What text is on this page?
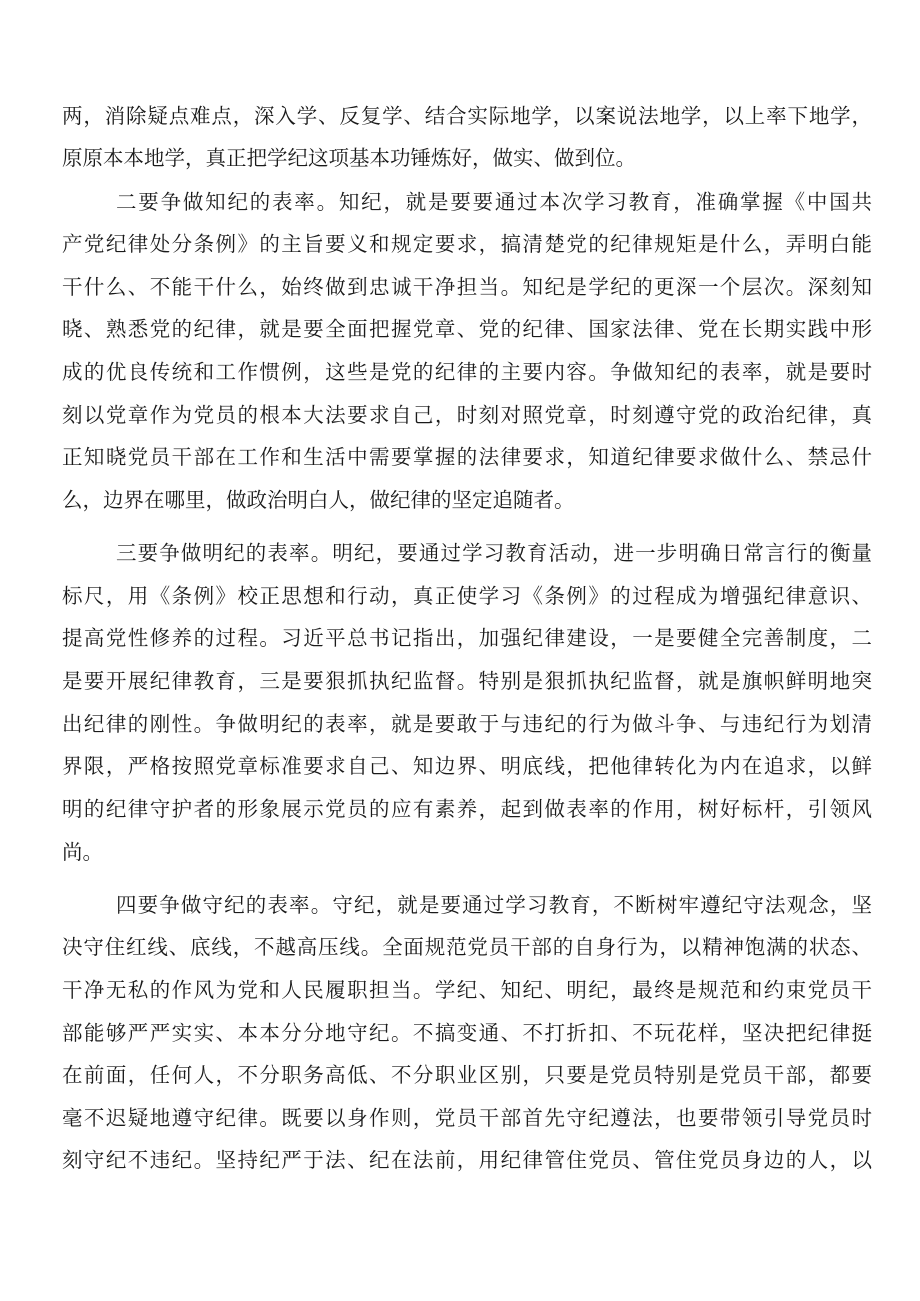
两，消除疑点难点，深入学、反复学、结合实际地学，以案说法地学，以上率下地学，
原原本本地学，真正把学纪这项基本功锤炼好，做实、做到位。
二要争做知纪的表率。知纪，就是要要通过本次学习教育，准确掌握《中国共
产党纪律处分条例》的主旨要义和规定要求，搞清楚党的纪律规矩是什么，弄明白能
干什么、不能干什么，始终做到忠诚干净担当。知纪是学纪的更深一个层次。深刻知
晓、熟悉党的纪律，就是要全面把握党章、党的纪律、国家法律、党在长期实践中形
成的优良传统和工作惯例，这些是党的纪律的主要内容。争做知纪的表率，就是要时
刻以党章作为党员的根本大法要求自己，时刻对照党章，时刻遵守党的政治纪律，真
正知晓党员干部在工作和生活中需要掌握的法律要求，知道纪律要求做什么、禁忌什
么，边界在哪里，做政治明白人，做纪律的坚定追随者。
三要争做明纪的表率。明纪，要通过学习教育活动，进一步明确日常言行的衡量
标尺，用《条例》校正思想和行动，真正使学习《条例》的过程成为增强纪律意识、
提高党性修养的过程。习近平总书记指出，加强纪律建设，一是要健全完善制度，二
是要开展纪律教育，三是要狠抓执纪监督。特别是狠抓执纪监督，就是旗帜鲜明地突
出纪律的刚性。争做明纪的表率，就是要敢于与违纪的行为做斗争、与违纪行为划清
界限，严格按照党章标准要求自己、知边界、明底线，把他律转化为内在追求，以鲜
明的纪律守护者的形象展示党员的应有素养，起到做表率的作用，树好标杆，引领风
尚。
四要争做守纪的表率。守纪，就是要通过学习教育，不断树牢遵纪守法观念，坚
决守住红线、底线，不越高压线。全面规范党员干部的自身行为，以精神饱满的状态、
干净无私的作风为党和人民履职担当。学纪、知纪、明纪，最终是规范和约束党员干
部能够严严实实、本本分分地守纪。不搞变通、不打折扣、不玩花样，坚决把纪律挺
在前面，任何人，不分职务高低、不分职业区别，只要是党员特别是党员干部，都要
毫不迟疑地遵守纪律。既要以身作则，党员干部首先守纪遵法，也要带领引导党员时
刻守纪不违纪。坚持纪严于法、纪在法前，用纪律管住党员、管住党员身边的人，以
